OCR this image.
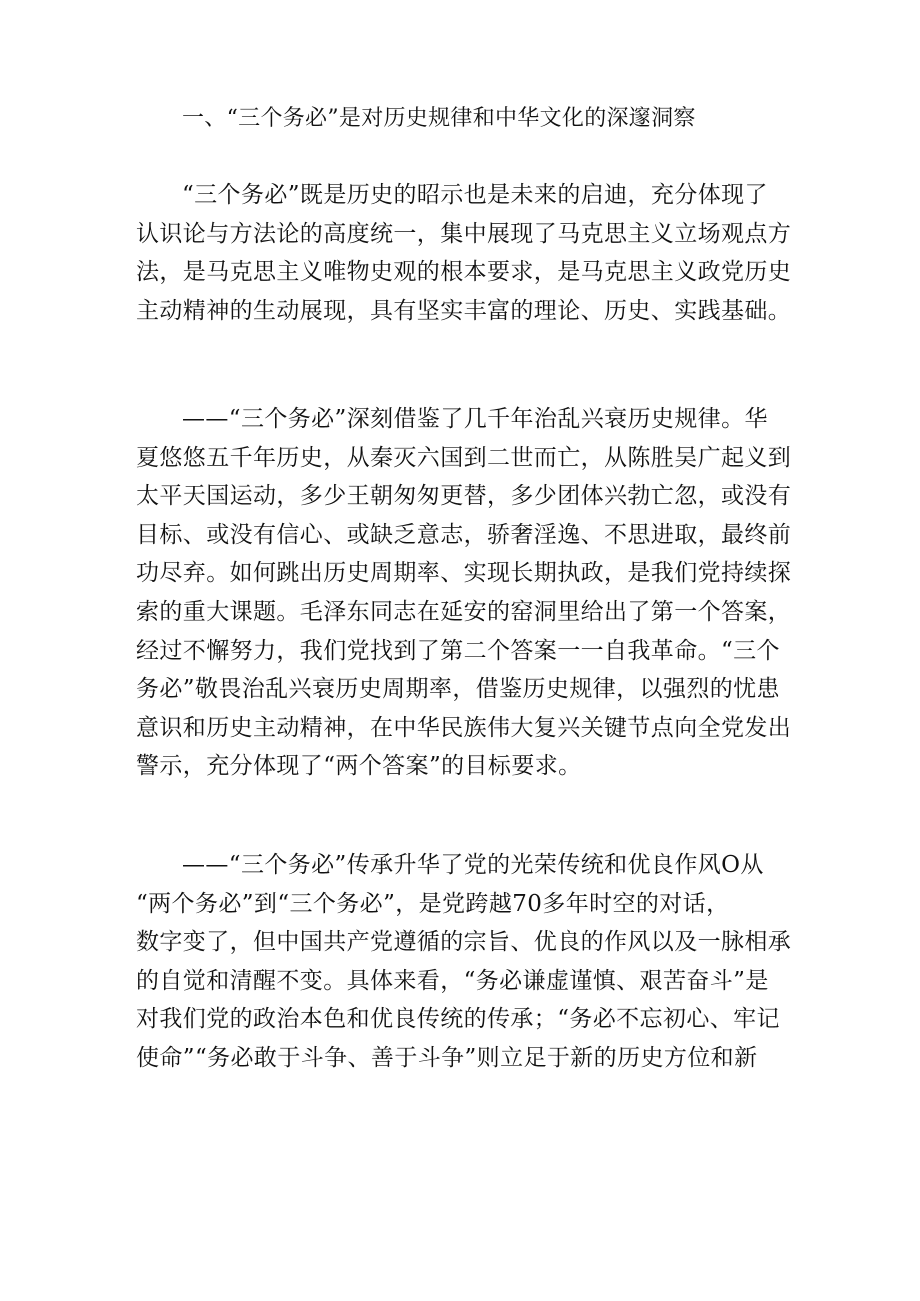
一、“三个务必”是对历史规律和中华文化的深邃洞察
“三个务必”既是历史的昭示也是未来的启迪，充分体现了
认识论与方法论的高度统一，集中展现了马克思主义立场观点方
法，是马克思主义唯物史观的根本要求，是马克思主义政党历史
主动精神的生动展现，具有坚实丰富的理论、历史、实践基础。
——“三个务必”深刻借鉴了几千年治乱兴衰历史规律。华
夏悠悠五千年历史，从秦灭六国到二世而亡，从陈胜吴广起义到
太平天国运动，多少王朝匆匆更替，多少团体兴勃亡忽，或没有
目标、或没有信心、或缺乏意志，骄奢淫逸、不思进取，最终前
功尽弃。如何跳出历史周期率、实现长期执政，是我们党持续探
索的重大课题。毛泽东同志在延安的窑洞里给出了第一个答案，
经过不懈努力，我们党找到了第二个答案一一自我革命。“三个
务必”敬畏治乱兴衰历史周期率，借鉴历史规律，以强烈的忧患
意识和历史主动精神，在中华民族伟大复兴关键节点向全党发出
警示，充分体现了“两个答案”的目标要求。
——“三个务必”传承升华了党的光荣传统和优良作风O从
“两个务必”到“三个务必”，是党跨越70多年时空的对话，
数字变了，但中国共产党遵循的宗旨、优良的作风以及一脉相承
的自觉和清醒不变。具体来看，“务必谦虚谨慎、艰苦奋斗”是
对我们党的政治本色和优良传统的传承；“务必不忘初心、牢记
使命”“务必敢于斗争、善于斗争”则立足于新的历史方位和新
